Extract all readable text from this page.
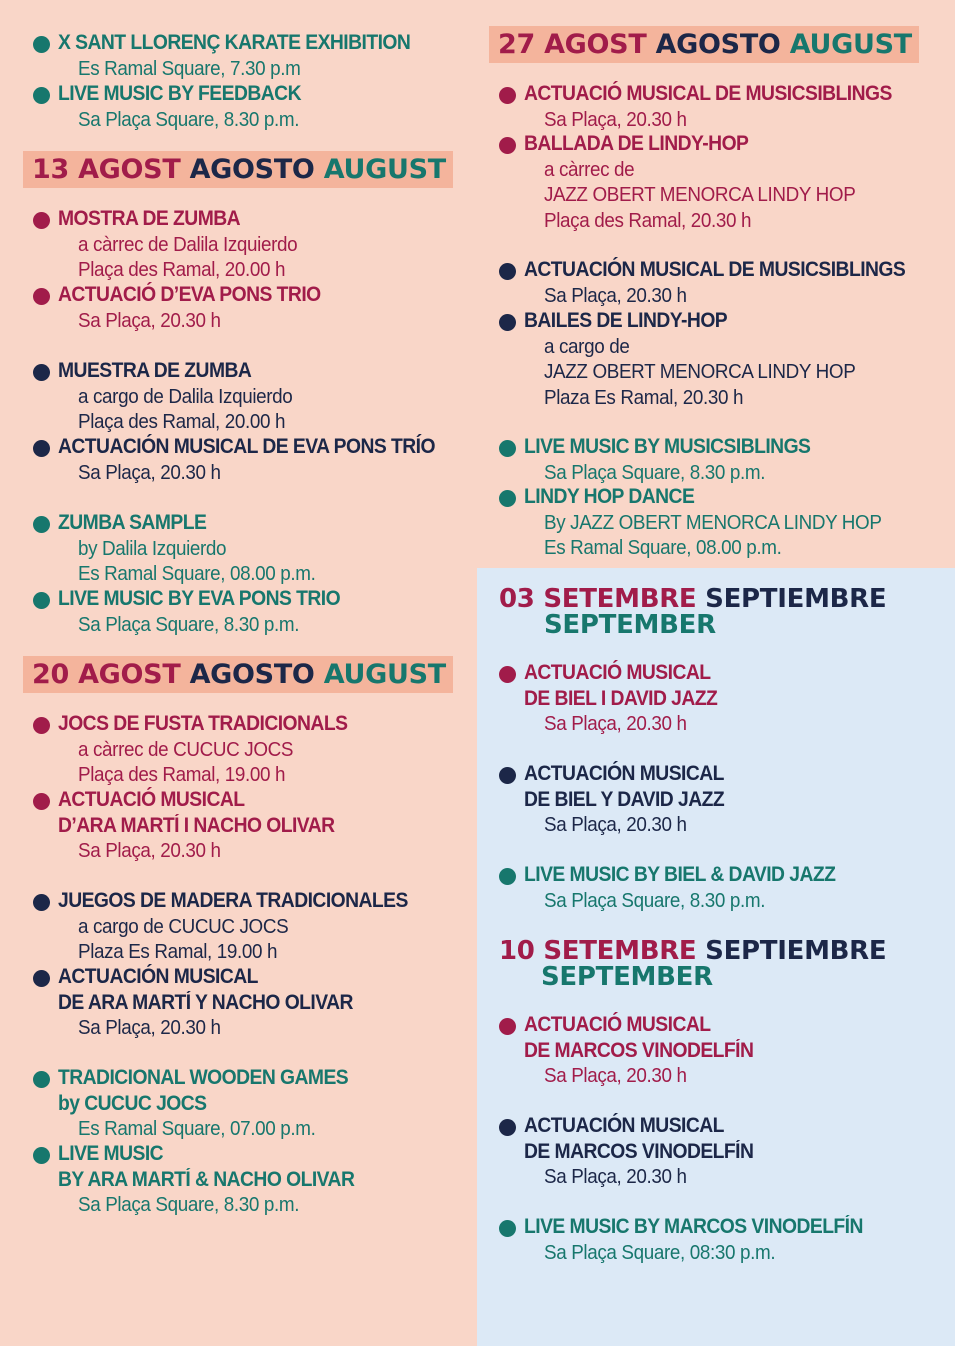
X SANT LLORENÇ KARATE EXHIBITION
Es Ramal Square, 7.30 p.m
LIVE MUSIC BY FEEDBACK
Sa Plaça Square, 8.30 p.m.
13 AGOST AGOSTO AUGUST
MOSTRA DE ZUMBA
a càrrec de Dalila Izquierdo
Plaça des Ramal, 20.00 h
ACTUACIÓ D’EVA PONS TRIO
Sa Plaça, 20.30 h
MUESTRA DE ZUMBA
a cargo de Dalila Izquierdo
Plaça des Ramal, 20.00 h
ACTUACIÓN MUSICAL DE EVA PONS TRÍO
Sa Plaça, 20.30 h
ZUMBA SAMPLE
by Dalila Izquierdo
Es Ramal Square, 08.00 p.m.
LIVE MUSIC BY EVA PONS TRIO
Sa Plaça Square, 8.30 p.m.
20 AGOST AGOSTO AUGUST
JOCS DE FUSTA TRADICIONALS
a càrrec de CUCUC JOCS
Plaça des Ramal, 19.00 h
ACTUACIÓ MUSICAL
D’ARA MARTÍ I NACHO OLIVAR
Sa Plaça, 20.30 h
JUEGOS DE MADERA TRADICIONALES
a cargo de CUCUC JOCS
Plaza Es Ramal, 19.00 h
ACTUACIÓN MUSICAL
DE ARA MARTÍ Y NACHO OLIVAR
Sa Plaça, 20.30 h
TRADICIONAL WOODEN GAMES
by CUCUC JOCS
Es Ramal Square, 07.00 p.m.
LIVE MUSIC
BY ARA MARTÍ & NACHO OLIVAR
Sa Plaça Square, 8.30 p.m.
27 AGOST AGOSTO AUGUST
ACTUACIÓ MUSICAL DE MUSICSIBLINGS
Sa Plaça, 20.30 h
BALLADA DE LINDY-HOP
a càrrec de
JAZZ OBERT MENORCA LINDY HOP
Plaça des Ramal, 20.30 h
ACTUACIÓN MUSICAL DE MUSICSIBLINGS
Sa Plaça, 20.30 h
BAILES DE LINDY-HOP
a cargo de
JAZZ OBERT MENORCA LINDY HOP
Plaza Es Ramal, 20.30 h
LIVE MUSIC BY MUSICSIBLINGS
Sa Plaça Square, 8.30 p.m.
LINDY HOP DANCE
By JAZZ OBERT MENORCA LINDY HOP
Es Ramal Square, 08.00 p.m.
03 SETEMBRE SEPTIEMBRE
SEPTEMBER
ACTUACIÓ MUSICAL
DE BIEL I DAVID JAZZ
Sa Plaça, 20.30 h
ACTUACIÓN MUSICAL
DE BIEL Y DAVID JAZZ
Sa Plaça, 20.30 h
LIVE MUSIC BY BIEL & DAVID JAZZ
Sa Plaça Square, 8.30 p.m.
10 SETEMBRE SEPTIEMBRE
SEPTEMBER
ACTUACIÓ MUSICAL
DE MARCOS VINODELFÍN
Sa Plaça, 20.30 h
ACTUACIÓN MUSICAL
DE MARCOS VINODELFÍN
Sa Plaça, 20.30 h
LIVE MUSIC BY MARCOS VINODELFÍN
Sa Plaça Square, 08:30 p.m.
